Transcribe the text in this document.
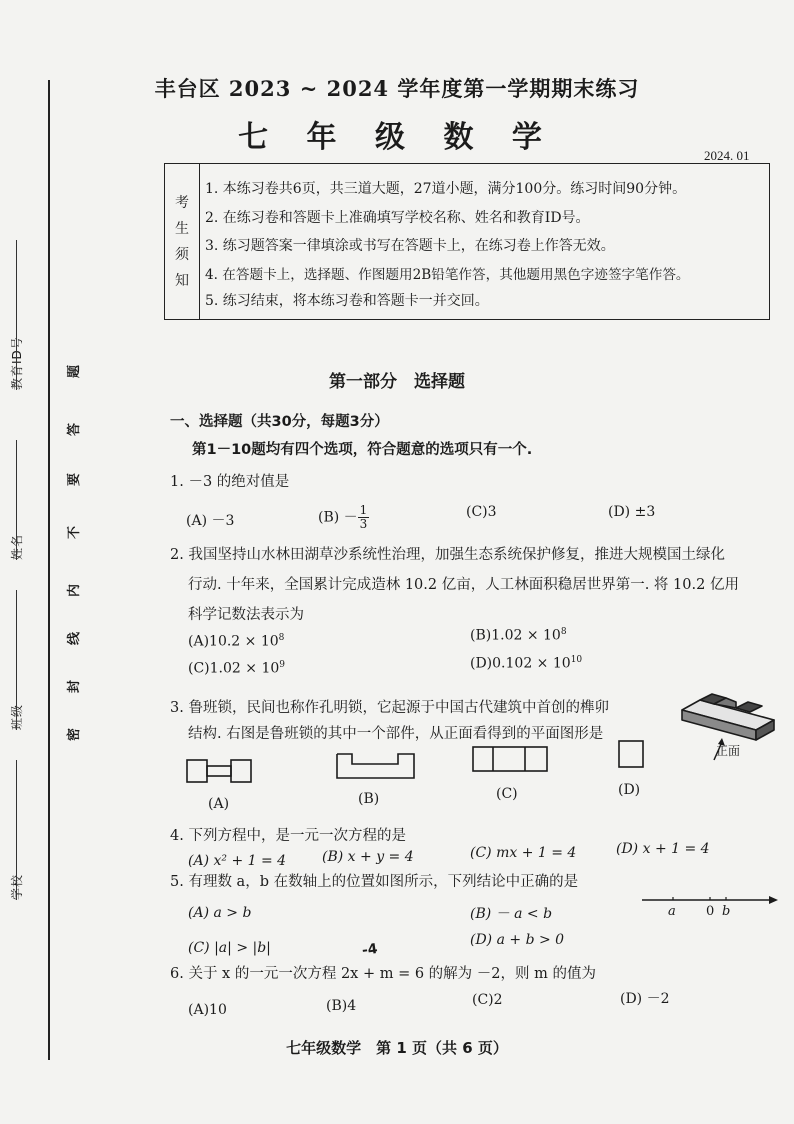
教育ID号
姓名
班级
学校
密
封
线
内
不
要
答
题
丰台区 2023 ~ 2024 学年度第一学期期末练习
七 年 级 数 学
2024. 01
考
生
须
知
1. 本练习卷共6页，共三道大题，27道小题，满分100分。练习时间90分钟。
2. 在练习卷和答题卡上准确填写学校名称、姓名和教育ID号。
3. 练习题答案一律填涂或书写在答题卡上，在练习卷上作答无效。
4. 在答题卡上，选择题、作图题用2B铅笔作答，其他题用黑色字迹签字笔作答。
5. 练习结束，将本练习卷和答题卡一并交回。
第一部分　选择题
一、选择题（共30分，每题3分）
第1－10题均有四个选项，符合题意的选项只有一个.
1. －3 的绝对值是
(A) －3	$(B) - \frac{1}{3}$	(C)3	(D) ±3
2. 我国坚持山水林田湖草沙系统性治理，加强生态系统保护修复，推进大规模国土绿化
行动. 十年来，全国累计完成造林 10.2 亿亩，人工林面积稳居世界第一. 将 10.2 亿用
科学记数法表示为
$(A)10.2 \times 10^8$	$(B)1.02 \times 10^8$
$(C)1.02 \times 10^9$	$(D)0.102 \times 10^{10}$
3. 鲁班锁，民间也称作孔明锁，它起源于中国古代建筑中首创的榫卯
结构. 右图是鲁班锁的其中一个部件，从正面看得到的平面图形是
正面
(A)	(B)	(C)	(D)
4. 下列方程中，是一元一次方程的是
(A) x² + 1 = 4	(B) x + y = 4	(C) mx + 1 = 4	(D) x + 1 = 4
5. 有理数 a，b 在数轴上的位置如图所示，下列结论中正确的是
(A) a > b	(B) － a < b
(C) |a| > |b|	(D) a + b > 0
a 0 b
-4
6. 关于 x 的一元一次方程 2x + m = 6 的解为 －2，则 m 的值为
(A)10	(B)4	(C)2	(D) －2
七年级数学　第 1 页（共 6 页）
